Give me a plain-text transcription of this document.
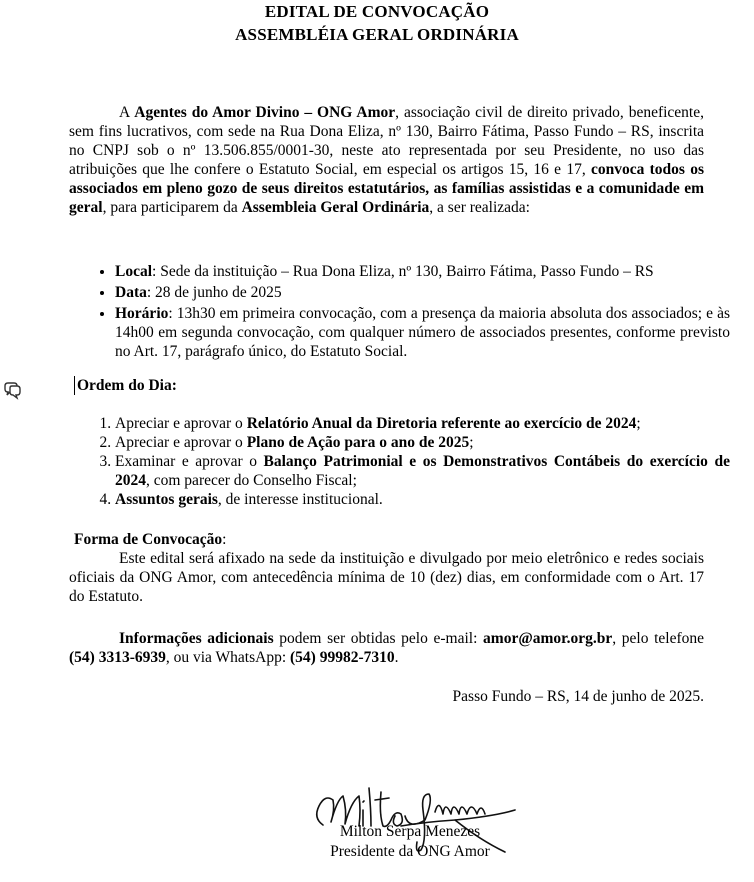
EDITAL DE CONVOCAÇÃO
ASSEMBLÉIA GERAL ORDINÁRIA

A Agentes do Amor Divino – ONG Amor, associação civil de direito privado, beneficente, sem fins lucrativos, com sede na Rua Dona Eliza, nº 130, Bairro Fátima, Passo Fundo – RS, inscrita no CNPJ sob o nº 13.506.855/0001-30, neste ato representada por seu Presidente, no uso das atribuições que lhe confere o Estatuto Social, em especial os artigos 15, 16 e 17, convoca todos os associados em pleno gozo de seus direitos estatutários, as famílias assistidas e a comunidade em geral, para participarem da Assembleia Geral Ordinária, a ser realizada:

• Local: Sede da instituição – Rua Dona Eliza, nº 130, Bairro Fátima, Passo Fundo – RS
• Data: 28 de junho de 2025
• Horário: 13h30 em primeira convocação, com a presença da maioria absoluta dos associados; e às 14h00 em segunda convocação, com qualquer número de associados presentes, conforme previsto no Art. 17, parágrafo único, do Estatuto Social.
Ordem do Dia:
1. Apreciar e aprovar o Relatório Anual da Diretoria referente ao exercício de 2024;
2. Apreciar e aprovar o Plano de Ação para o ano de 2025;
3. Examinar e aprovar o Balanço Patrimonial e os Demonstrativos Contábeis do exercício de 2024, com parecer do Conselho Fiscal;
4. Assuntos gerais, de interesse institucional.
Forma de Convocação:

Este edital será afixado na sede da instituição e divulgado por meio eletrônico e redes sociais oficiais da ONG Amor, com antecedência mínima de 10 (dez) dias, em conformidade com o Art. 17 do Estatuto.

Informações adicionais podem ser obtidas pelo e-mail: amor@amor.org.br, pelo telefone (54) 3313-6939, ou via WhatsApp: (54) 99982-7310.

Passo Fundo – RS, 14 de junho de 2025.
Milton Serpa Menezes
Presidente da ONG Amor
